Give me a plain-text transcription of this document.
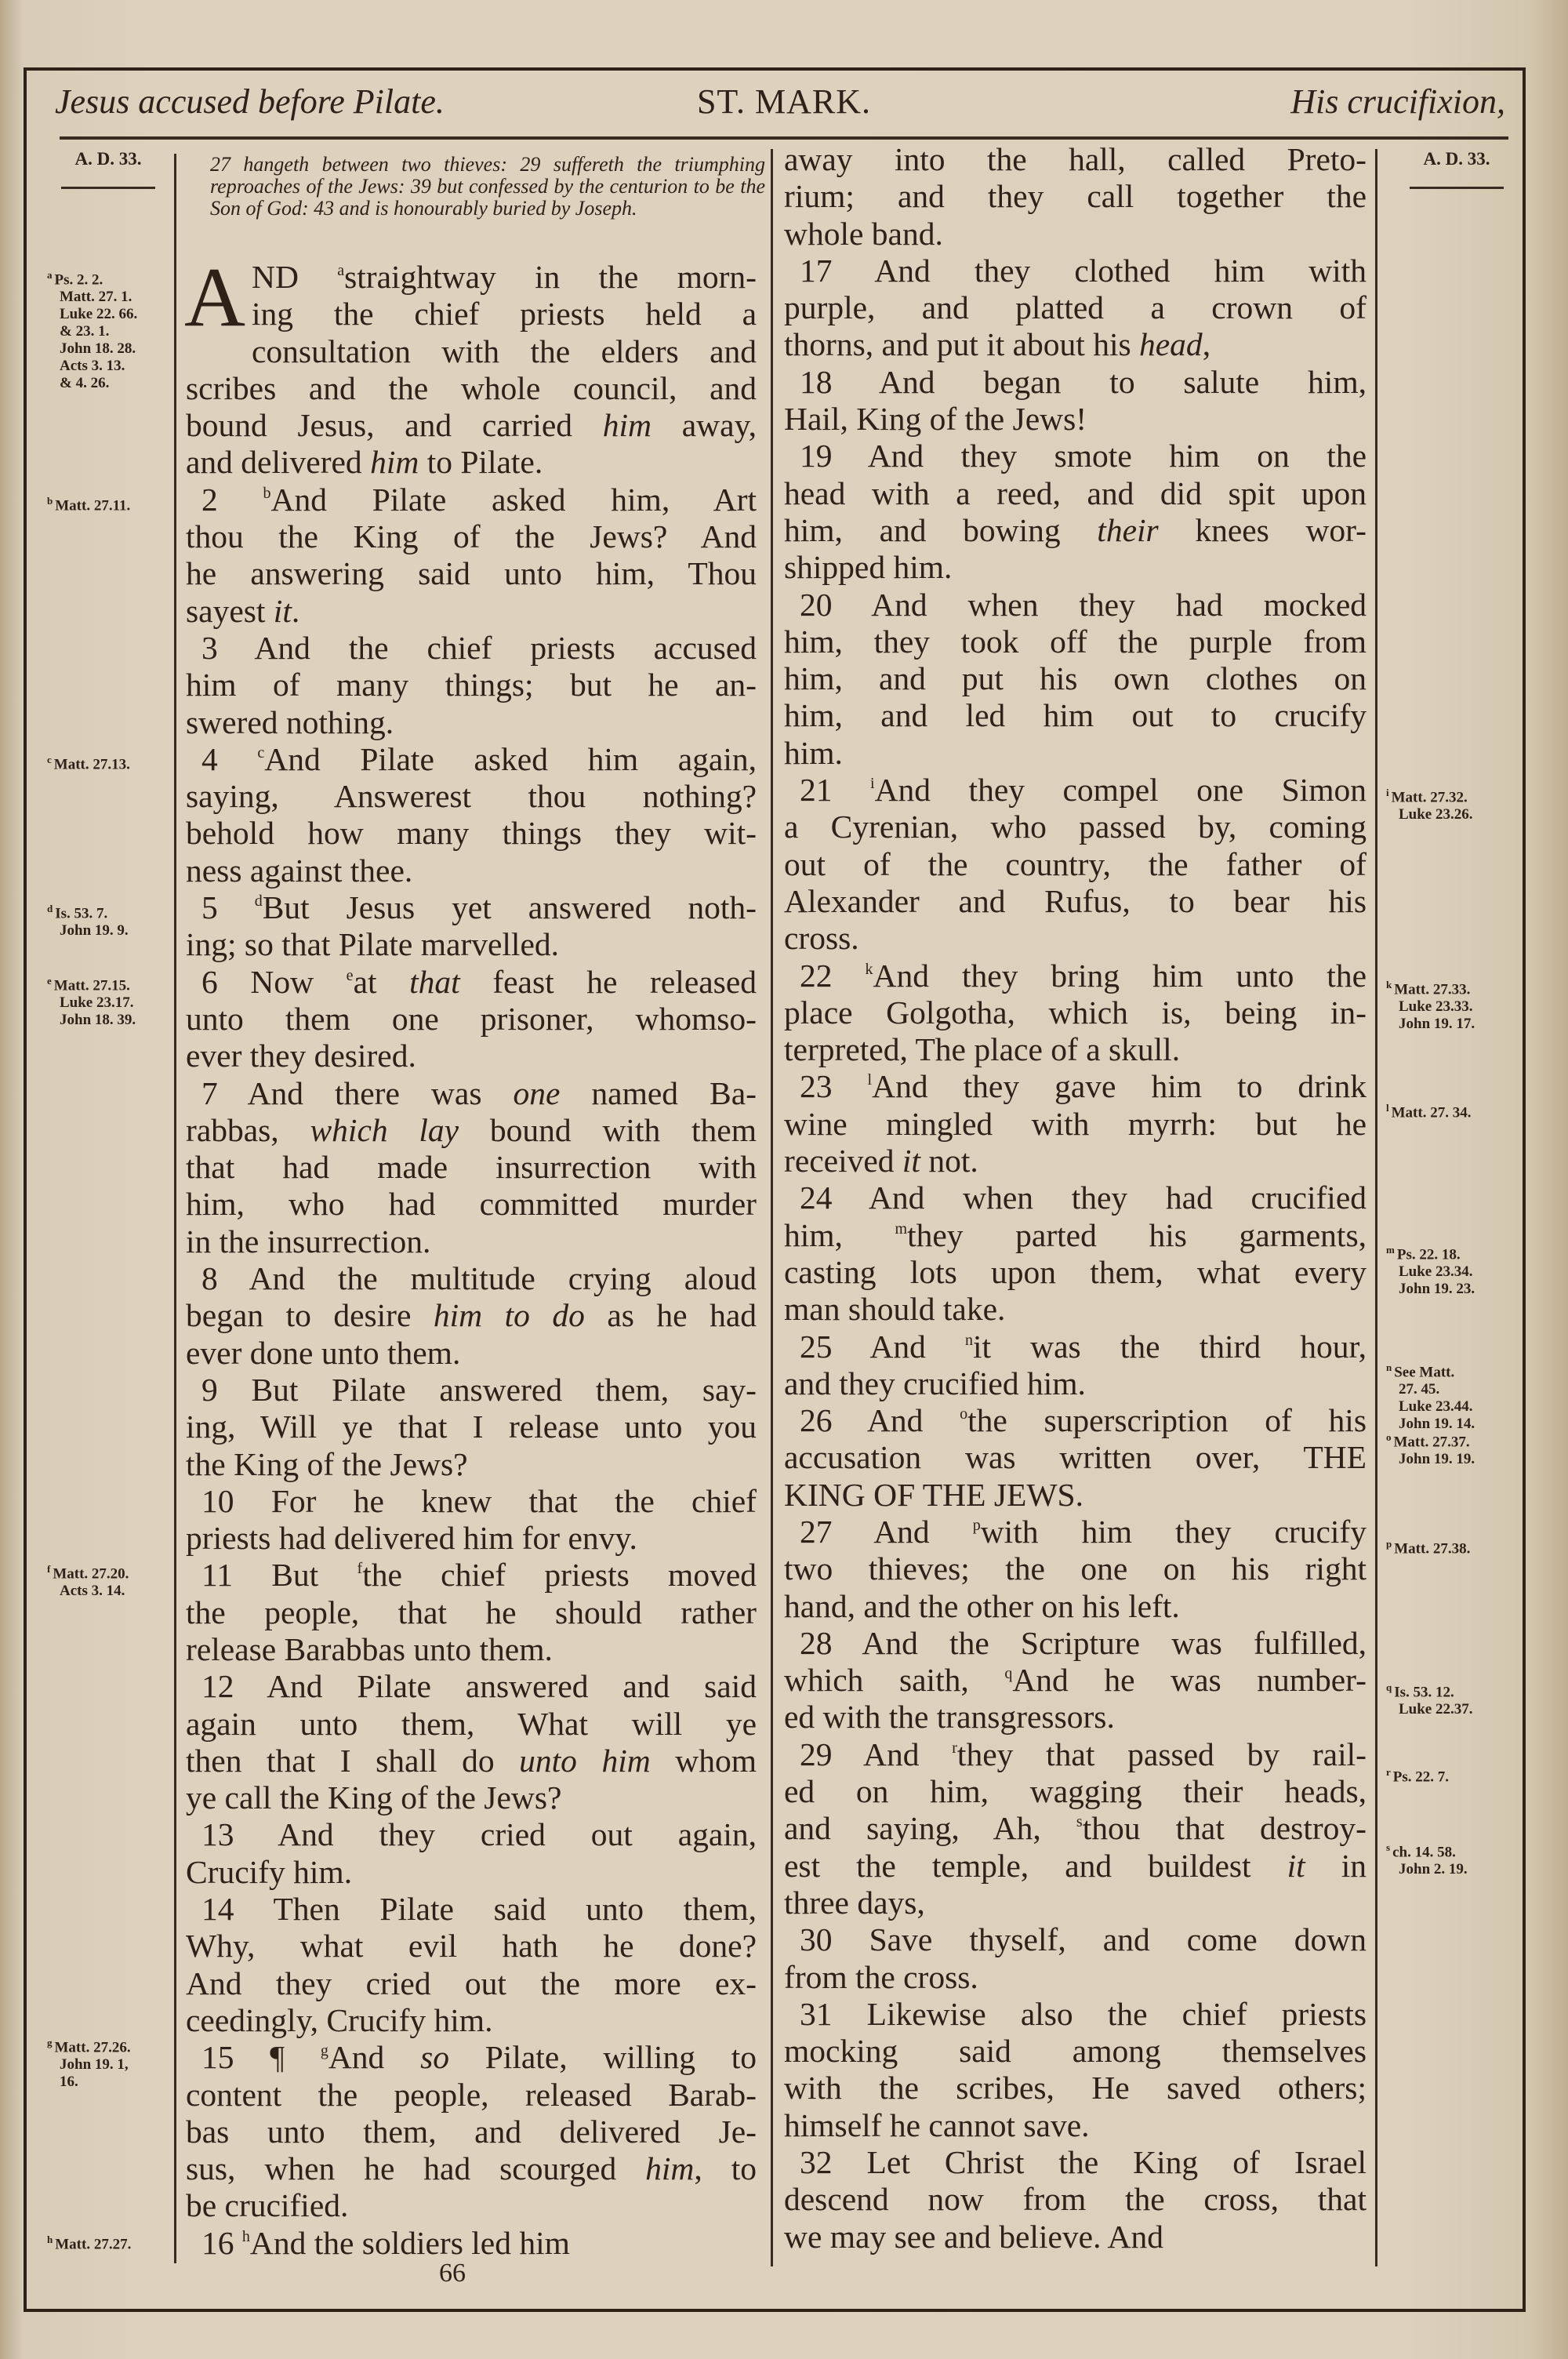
Jesus accused before Pilate.	ST. MARK.	His crucifixion,
A. D. 33.	A. D. 33.
$^a$ Ps. 2. 2.
Matt. 27. 1.
Luke 22. 66.
& 23. 1.
John 18. 28.
Acts 3. 13.
& 4. 26.
$^b$ Matt. 27.11.
$^c$ Matt. 27.13.
$^d$ Is. 53. 7.
John 19. 9.
$^e$ Matt. 27.15.
Luke 23.17.
John 18. 39.
$^f$ Matt. 27.20.
Acts 3. 14.
$^g$ Matt. 27.26.
John 19. 1,
16.
$^h$ Matt. 27.27.
$^i$ Matt. 27.32.
Luke 23.26.
$^k$ Matt. 27.33.
Luke 23.33.
John 19. 17.
$^l$ Matt. 27. 34.
$^m$ Ps. 22. 18.
Luke 23.34.
John 19. 23.
$^n$ See Matt.
27. 45.
Luke 23.44.
John 19. 14.
$^o$ Matt. 27.37.
John 19. 19.
$^p$ Matt. 27.38.
$^q$ Is. 53. 12.
Luke 22.37.
$^r$ Ps. 22. 7.
$^s$ ch. 14. 58.
John 2. 19.
27 hangeth between two thieves: 29 suffereth the triumphing reproaches of the Jews: 39 but confessed by the centurion to be the Son of God: 43 and is honourably buried by Joseph.
A ND $^a$straightway in the morn-
ing the chief priests held a
consultation with the elders and
scribes and the whole council, and
bound Jesus, and carried him away,
and delivered him to Pilate.
2 $^b$And Pilate asked him, Art
thou the King of the Jews? And
he answering said unto him, Thou
sayest it.
3 And the chief priests accused
him of many things; but he an-
swered nothing.
4 $^c$And Pilate asked him again,
saying, Answerest thou nothing?
behold how many things they wit-
ness against thee.
5 $^d$But Jesus yet answered noth-
ing; so that Pilate marvelled.
6 Now $^e$at that feast he released
unto them one prisoner, whomso-
ever they desired.
7 And there was one named Ba-
rabbas, which lay bound with them
that had made insurrection with
him, who had committed murder
in the insurrection.
8 And the multitude crying aloud
began to desire him to do as he had
ever done unto them.
9 But Pilate answered them, say-
ing, Will ye that I release unto you
the King of the Jews?
10 For he knew that the chief
priests had delivered him for envy.
11 But $^f$the chief priests moved
the people, that he should rather
release Barabbas unto them.
12 And Pilate answered and said
again unto them, What will ye
then that I shall do unto him whom
ye call the King of the Jews?
13 And they cried out again,
Crucify him.
14 Then Pilate said unto them,
Why, what evil hath he done?
And they cried out the more ex-
ceedingly, Crucify him.
15 ¶ $^g$And so Pilate, willing to
content the people, released Barab-
bas unto them, and delivered Je-
sus, when he had scourged him, to
be crucified.
16 $^h$And the soldiers led him
away into the hall, called Preto-
rium; and they call together the
whole band.
17 And they clothed him with
purple, and platted a crown of
thorns, and put it about his head,
18 And began to salute him,
Hail, King of the Jews!
19 And they smote him on the
head with a reed, and did spit upon
him, and bowing their knees wor-
shipped him.
20 And when they had mocked
him, they took off the purple from
him, and put his own clothes on
him, and led him out to crucify
him.
21 $^i$And they compel one Simon
a Cyrenian, who passed by, coming
out of the country, the father of
Alexander and Rufus, to bear his
cross.
22 $^k$And they bring him unto the
place Golgotha, which is, being in-
terpreted, The place of a skull.
23 $^l$And they gave him to drink
wine mingled with myrrh: but he
received it not.
24 And when they had crucified
him, $^m$they parted his garments,
casting lots upon them, what every
man should take.
25 And $^n$it was the third hour,
and they crucified him.
26 And $^o$the superscription of his
accusation was written over, THE
KING OF THE JEWS.
27 And $^p$with him they crucify
two thieves; the one on his right
hand, and the other on his left.
28 And the Scripture was fulfilled,
which saith, $^q$And he was number-
ed with the transgressors.
29 And $^r$they that passed by rail-
ed on him, wagging their heads,
and saying, Ah, $^s$thou that destroy-
est the temple, and buildest it in
three days,
30 Save thyself, and come down
from the cross.
31 Likewise also the chief priests
mocking said among themselves
with the scribes, He saved others;
himself he cannot save.
32 Let Christ the King of Israel
descend now from the cross, that
we may see and believe. And
66
